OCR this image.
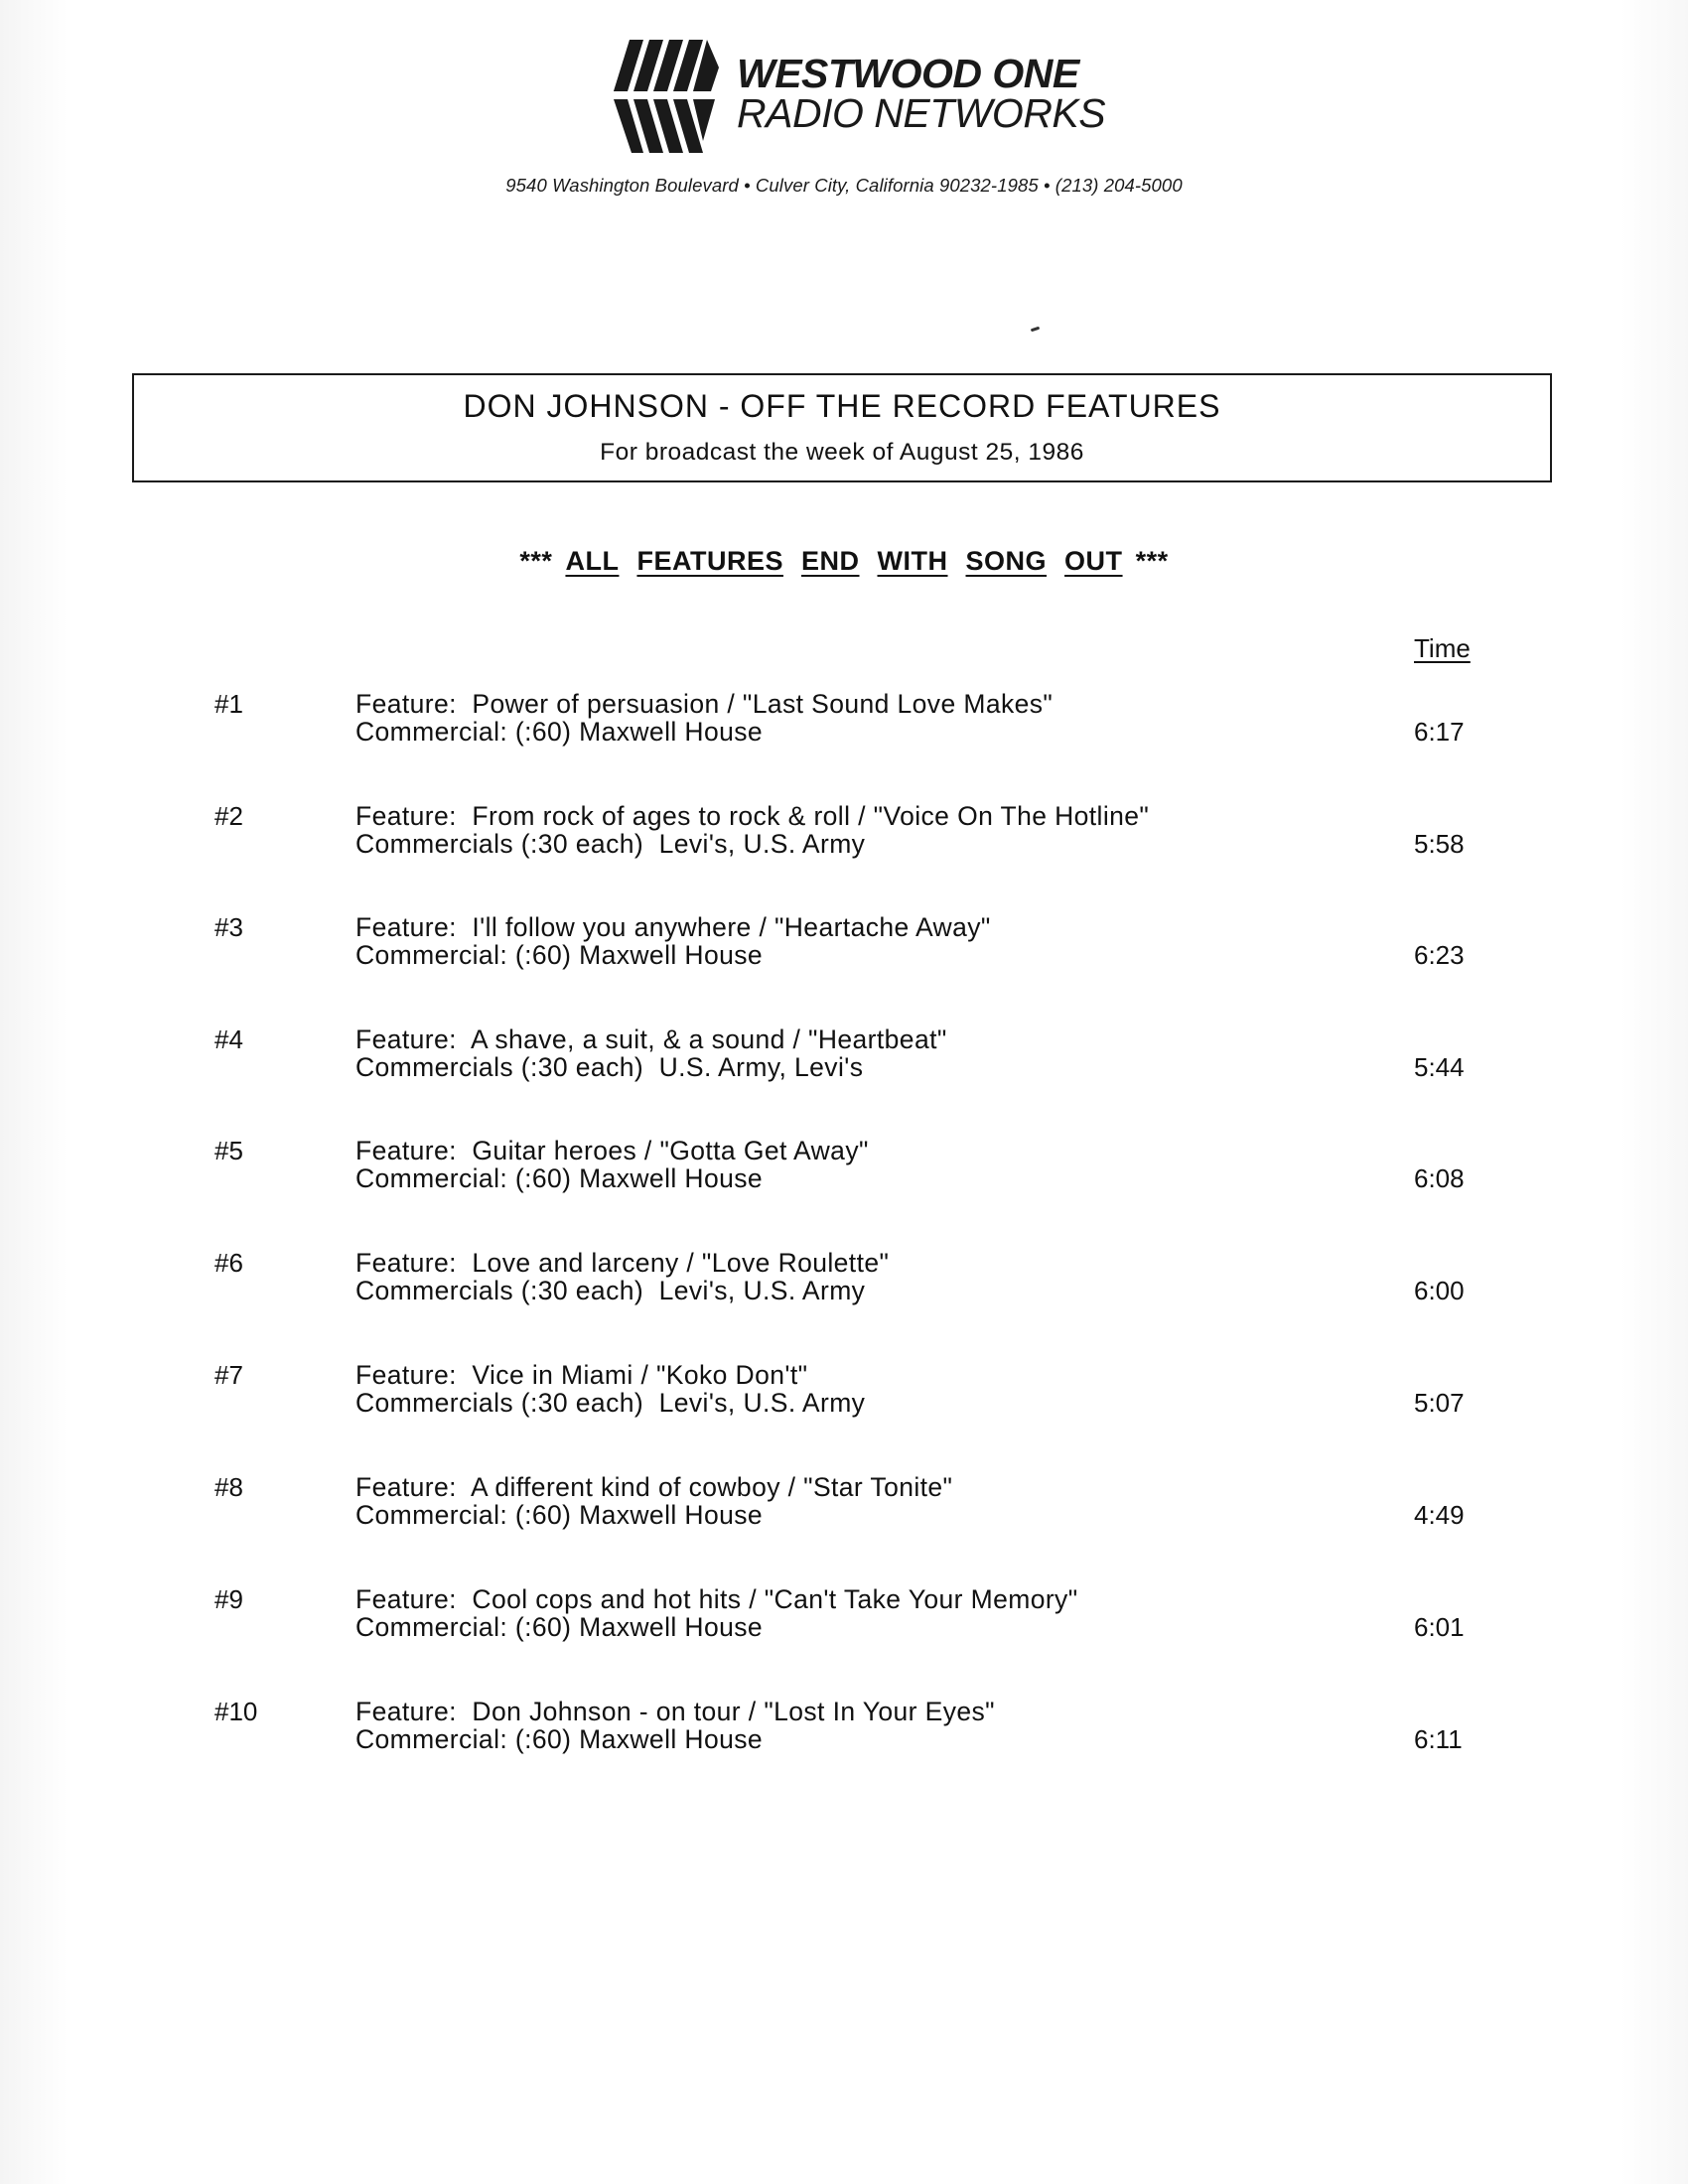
WESTWOOD ONE
RADIO NETWORKS
9540 Washington Boulevard • Culver City, California 90232-1985 • (213) 204-5000
DON JOHNSON - OFF THE RECORD FEATURES
For broadcast the week of August 25, 1986
*** ALL FEATURES END WITH SONG OUT ***
Time
#1	Feature:  Power of persuasion / "Last Sound Love Makes"
Commercial: (:60) Maxwell House	6:17
#2	Feature:  From rock of ages to rock & roll / "Voice On The Hotline"
Commercials (:30 each)  Levi's, U.S. Army	5:58
#3	Feature:  I'll follow you anywhere / "Heartache Away"
Commercial: (:60) Maxwell House	6:23
#4	Feature:  A shave, a suit, & a sound / "Heartbeat"
Commercials (:30 each)  U.S. Army, Levi's	5:44
#5	Feature:  Guitar heroes / "Gotta Get Away"
Commercial: (:60) Maxwell House	6:08
#6	Feature:  Love and larceny / "Love Roulette"
Commercials (:30 each)  Levi's, U.S. Army	6:00
#7	Feature:  Vice in Miami / "Koko Don't"
Commercials (:30 each)  Levi's, U.S. Army	5:07
#8	Feature:  A different kind of cowboy / "Star Tonite"
Commercial: (:60) Maxwell House	4:49
#9	Feature:  Cool cops and hot hits / "Can't Take Your Memory"
Commercial: (:60) Maxwell House	6:01
#10	Feature:  Don Johnson - on tour / "Lost In Your Eyes"
Commercial: (:60) Maxwell House	6:11
